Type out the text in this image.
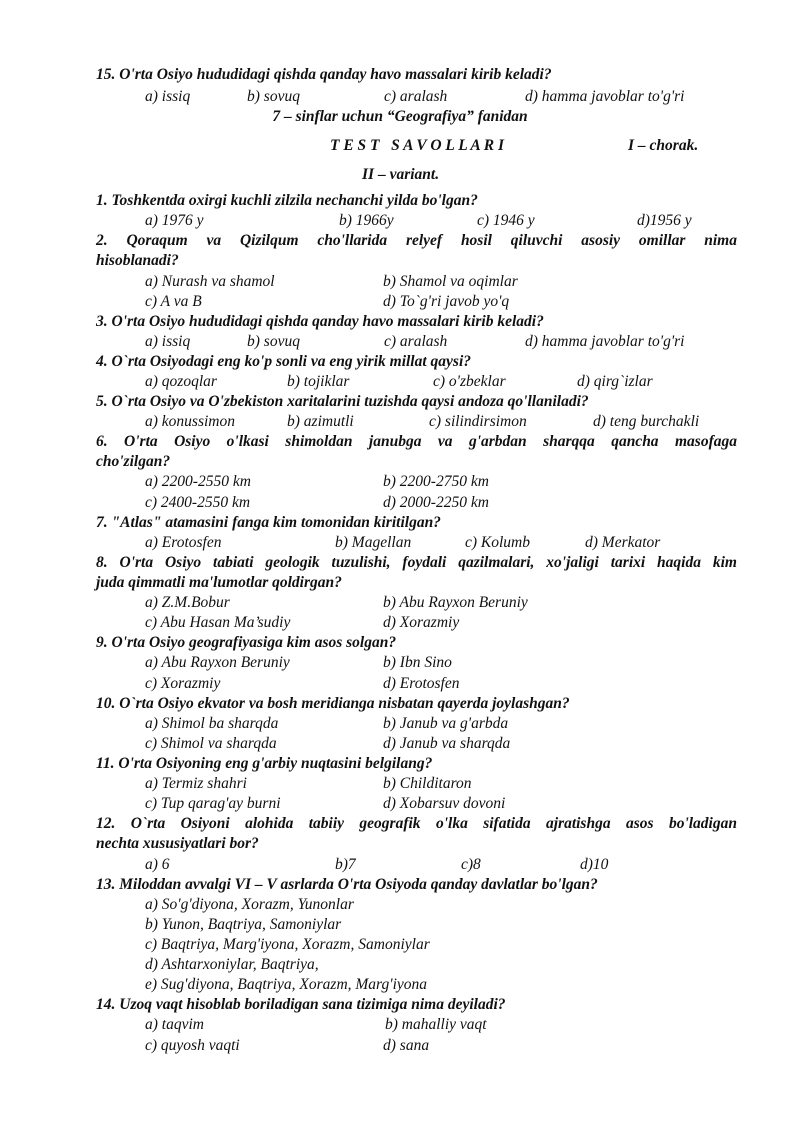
15. O'rta Osiyo hududidagi qishda qanday havo massalari kirib keladi?
a) issiq	b) sovuq	c) aralash	d) hamma javoblar to'g'ri
7 – sinflar uchun “Geografiya” fanidan
T E S T   S A V O L L A R I	I – chorak.
II – variant.
1. Toshkentda oxirgi kuchli zilzila nechanchi yilda bo'lgan?
a) 1976 y	b) 1966y	c) 1946 y	d)1956 y
2. Qoraqum va Qizilqum cho'llarida relyef hosil qiluvchi asosiy omillar nima
hisoblanadi?
a) Nurash va shamol	b) Shamol va oqimlar
c) A va B	d) To`g'ri javob yo'q
3. O'rta Osiyo hududidagi qishda qanday havo massalari kirib keladi?
a) issiq	b) sovuq	c) aralash	d) hamma javoblar to'g'ri
4. O`rta Osiyodagi eng ko'p sonli va eng yirik millat qaysi?
a) qozoqlar	b) tojiklar	c) o'zbeklar	d) qirg`izlar
5. O`rta Osiyo va O'zbekiston xaritalarini tuzishda qaysi andoza qo'llaniladi?
a) konussimon	b) azimutli	c) silindirsimon	d) teng burchakli
6. O'rta Osiyo o'lkasi shimoldan janubga va g'arbdan sharqqa qancha masofaga
cho'zilgan?
a) 2200-2550 km	b) 2200-2750 km
c) 2400-2550 km	d) 2000-2250 km
7. "Atlas" atamasini fanga kim tomonidan kiritilgan?
a) Erotosfen	b) Magellan	c) Kolumb	d) Merkator
8. O'rta Osiyo tabiati geologik tuzulishi, foydali qazilmalari, xo'jaligi tarixi haqida kim
juda qimmatli ma'lumotlar qoldirgan?
a) Z.M.Bobur	b) Abu Rayxon Beruniy
c) Abu Hasan Ma’sudiy	d) Xorazmiy
9. O'rta Osiyo geografiyasiga kim asos solgan?
a) Abu Rayxon Beruniy	b) Ibn Sino
c) Xorazmiy	d) Erotosfen
10. O`rta Osiyo ekvator va bosh meridianga nisbatan qayerda joylashgan?
a) Shimol ba sharqda	b) Janub va g'arbda
c) Shimol va sharqda	d) Janub va sharqda
11. O'rta Osiyoning eng g'arbiy nuqtasini belgilang?
a) Termiz shahri	b) Childitaron
c) Tup qarag'ay burni	d) Xobarsuv dovoni
12. O`rta Osiyoni alohida tabiiy geografik o'lka sifatida ajratishga asos bo'ladigan
nechta xususiyatlari bor?
a) 6	b)7	c)8	d)10
13. Miloddan avvalgi VI – V asrlarda O'rta Osiyoda qanday davlatlar bo'lgan?
a) So'g'diyona, Xorazm, Yunonlar
b) Yunon, Baqtriya, Samoniylar
c) Baqtriya, Marg'iyona, Xorazm, Samoniylar
d) Ashtarxoniylar, Baqtriya,
e) Sug'diyona, Baqtriya, Xorazm, Marg'iyona
14. Uzoq vaqt hisoblab boriladigan sana tizimiga nima deyiladi?
a) taqvim	b) mahalliy vaqt
c) quyosh vaqti	d) sana
